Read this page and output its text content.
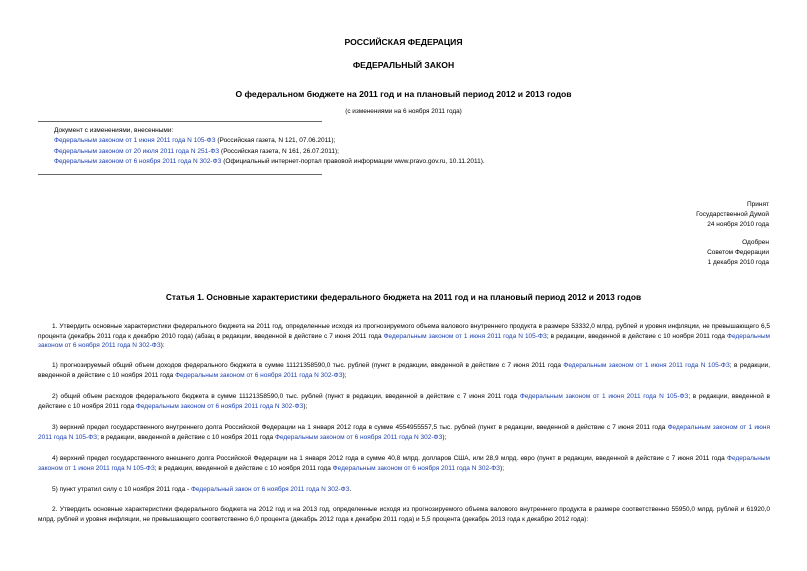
РОССИЙСКАЯ ФЕДЕРАЦИЯ
ФЕДЕРАЛЬНЫЙ ЗАКОН
О федеральном бюджете на 2011 год и на плановый период 2012 и 2013 годов
(с изменениями на 6 ноября 2011 года)
Документ с изменениями, внесенными:
Федеральным законом от 1 июня 2011 года N 105-ФЗ (Российская газета, N 121, 07.06.2011);
Федеральным законом от 20 июля 2011 года N 251-ФЗ (Российская газета, N 161, 26.07.2011);
Федеральным законом от 6 ноября 2011 года N 302-ФЗ (Официальный интернет-портал правовой информации www.pravo.gov.ru, 10.11.2011).
Принят
Государственной Думой
24 ноября 2010 года
Одобрен
Советом Федерации
1 декабря 2010 года
Статья 1. Основные характеристики федерального бюджета на 2011 год и на плановый период 2012 и 2013 годов
1. Утвердить основные характеристики федерального бюджета на 2011 год, определенные исходя из прогнозируемого объема валового внутреннего продукта в размере 53332,0 млрд. рублей и уровня инфляции, не превышающего 6,5 процента (декабрь 2011 года к декабрю 2010 года) (абзац в редакции, введенной в действие с 7 июня 2011 года Федеральным законом от 1 июня 2011 года N 105-ФЗ; в редакции, введенной в действие с 10 ноября 2011 года Федеральным законом от 6 ноября 2011 года N 302-ФЗ):
1) прогнозируемый общий объем доходов федерального бюджета в сумме 11121358590,0 тыс. рублей (пункт в редакции, введенной в действие с 7 июня 2011 года Федеральным законом от 1 июня 2011 года N 105-ФЗ; в редакции, введенной в действие с 10 ноября 2011 года Федеральным законом от 6 ноября 2011 года N 302-ФЗ);
2) общий объем расходов федерального бюджета в сумме 11121358590,0 тыс. рублей (пункт в редакции, введенной в действие с 7 июня 2011 года Федеральным законом от 1 июня 2011 года N 105-ФЗ; в редакции, введенной в действие с 10 ноября 2011 года Федеральным законом от 6 ноября 2011 года N 302-ФЗ);
3) верхний предел государственного внутреннего долга Российской Федерации на 1 января 2012 года в сумме 4554955557,5 тыс. рублей (пункт в редакции, введенной в действие с 7 июня 2011 года Федеральным законом от 1 июня 2011 года N 105-ФЗ; в редакции, введенной в действие с 10 ноября 2011 года Федеральным законом от 6 ноября 2011 года N 302-ФЗ);
4) верхний предел государственного внешнего долга Российской Федерации на 1 января 2012 года в сумме 40,8 млрд. долларов США, или 28,9 млрд. евро (пункт в редакции, введенной в действие с 7 июня 2011 года Федеральным законом от 1 июня 2011 года N 105-ФЗ; в редакции, введенной в действие с 10 ноября 2011 года Федеральным законом от 6 ноября 2011 года N 302-ФЗ);
5) пункт утратил силу с 10 ноября 2011 года - Федеральный закон от 6 ноября 2011 года N 302-ФЗ.
2. Утвердить основные характеристики федерального бюджета на 2012 год и на 2013 год, определенные исходя из прогнозируемого объема валового внутреннего продукта в размере соответственно 55950,0 млрд. рублей и 61920,0 млрд. рублей и уровня инфляции, не превышающего соответственно 6,0 процента (декабрь 2012 года к декабрю 2011 года) и 5,5 процента (декабрь 2013 года к декабрю 2012 года):
